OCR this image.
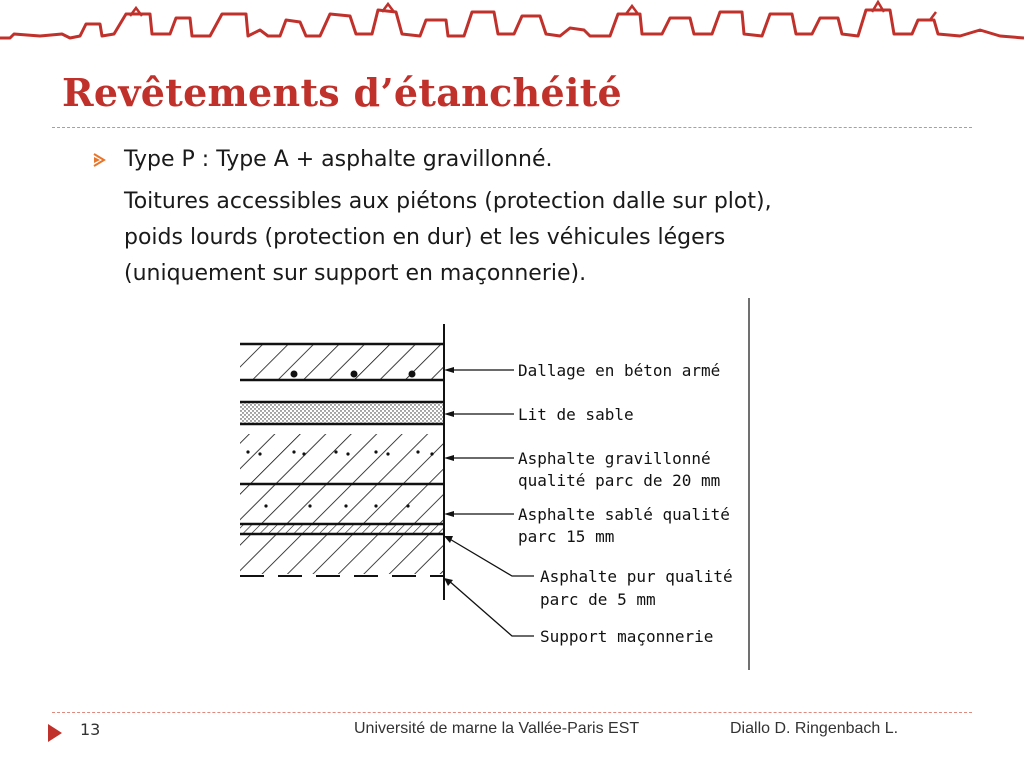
Revêtements d’étanchéité
Type P : Type A + asphalte gravillonné.
Toitures accessibles aux piétons (protection dalle sur plot),
poids lourds (protection en dur) et les véhicules légers
(uniquement sur support en maçonnerie).
Dallage en béton armé
Lit de sable
Asphalte gravillonné
qualité parc de 20 mm
Asphalte sablé qualité
parc 15 mm
Asphalte pur qualité
parc de 5 mm
Support maçonnerie
13	Université de marne la Vallée-Paris EST	Diallo D. Ringenbach L.
